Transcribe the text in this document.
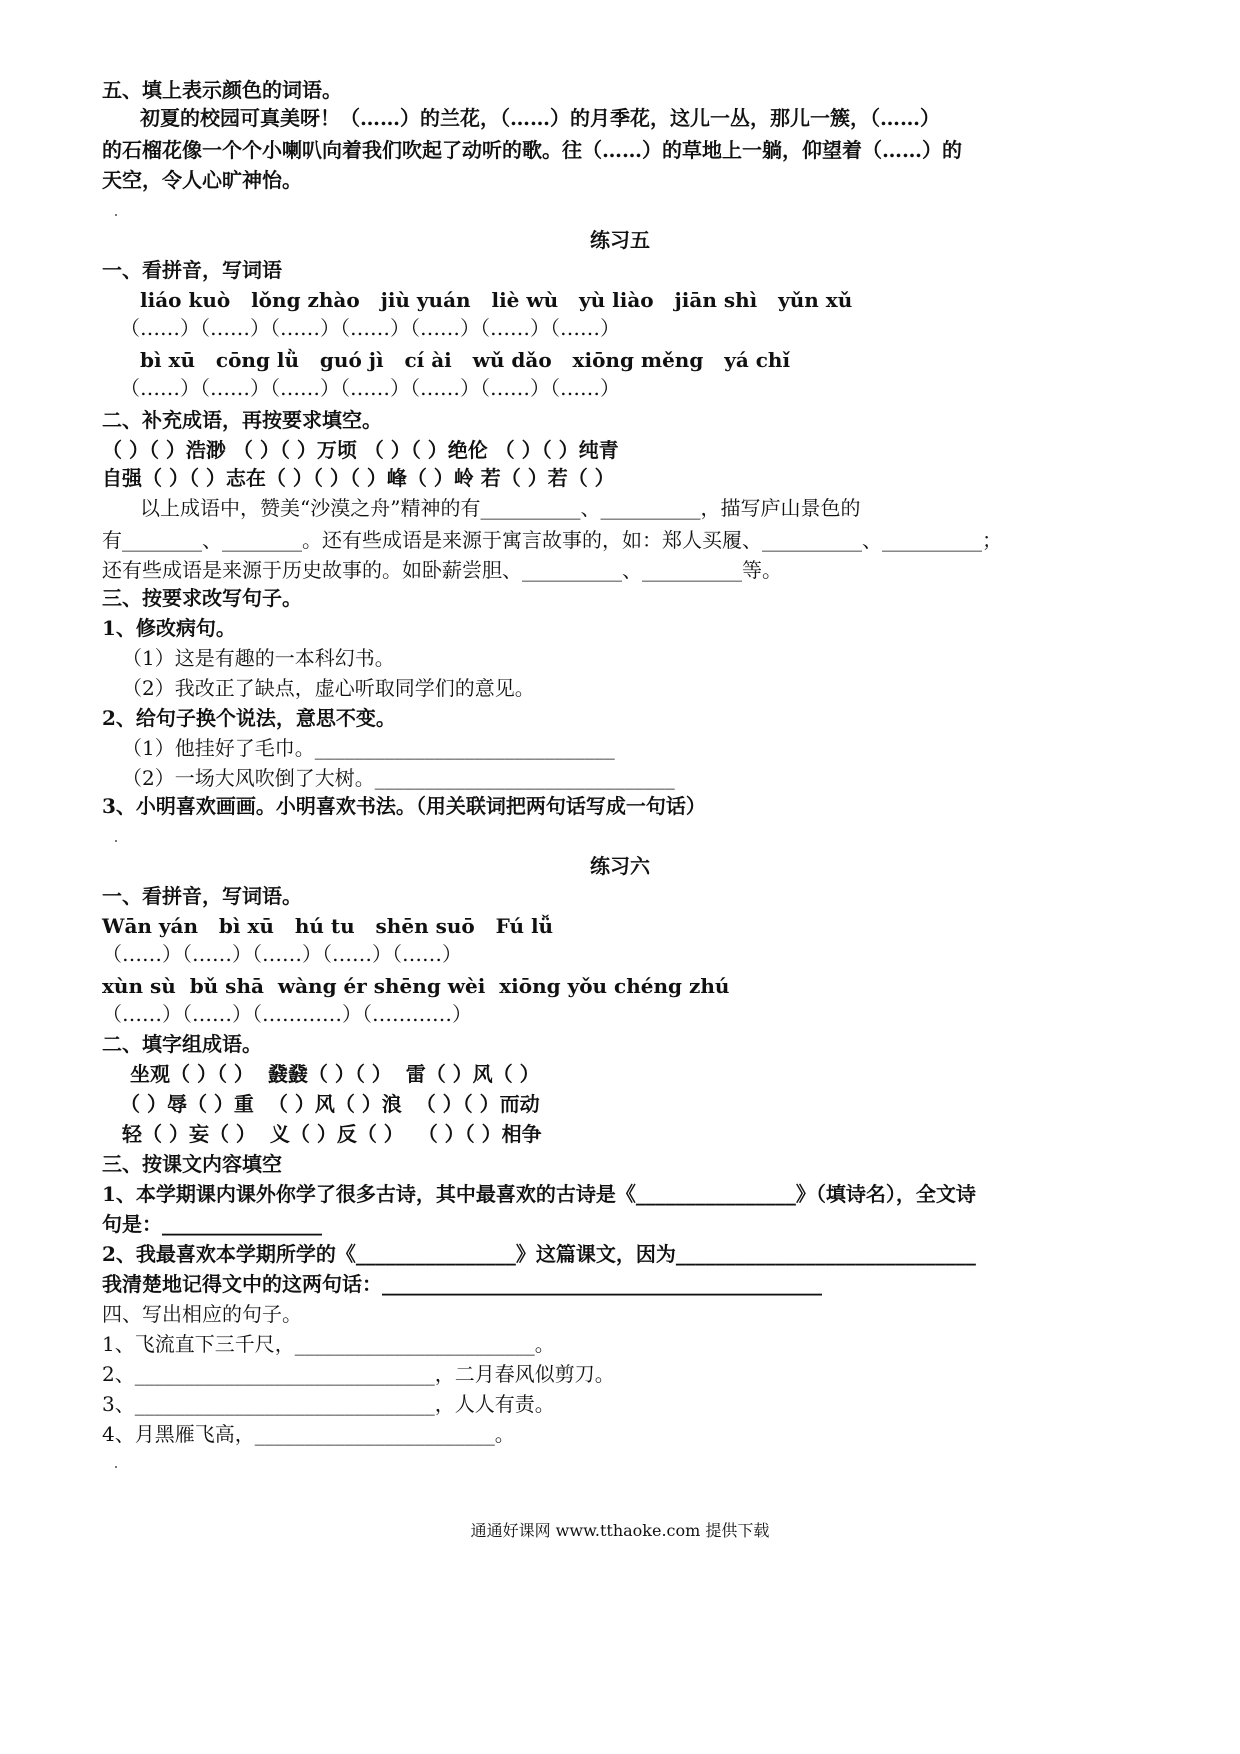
五、填上表示颜色的词语。
初夏的校园可真美呀！（……）的兰花，（……）的月季花，这儿一丛，那儿一簇，（……）
的石榴花像一个个小喇叭向着我们吹起了动听的歌。往（……）的草地上一躺，仰望着（……）的
天空，令人心旷神怡。
练习五
一、看拼音，写词语
liáo kuò   lǒng zhào   jiù yuán   liè wù   yù liào   jiān shì   yǔn xǔ
（……）（……）（……）（……）（……）（……）（……）
bì xū   cōng lǜ   guó jì   cí ài   wǔ dǎo   xiōng měng   yá chǐ
（……）（……）（……）（……）（……）（……）（……）
二、补充成语，再按要求填空。
（ ）（ ）浩渺 （ ）（ ）万顷 （ ）（ ）绝伦 （ ）（ ）纯青
自强（ ）（ ）志在（ ）（ ）（ ）峰（ ）岭 若（ ）若（ ）
以上成语中，赞美“沙漠之舟”精神的有__________、__________，描写庐山景色的
有________、________。还有些成语是来源于寓言故事的，如：郑人买履、__________、__________；
还有些成语是来源于历史故事的。如卧薪尝胆、__________、__________等。
三、按要求改写句子。
1、修改病句。
（1）这是有趣的一本科幻书。
（2）我改正了缺点，虚心听取同学们的意见。
2、给句子换个说法，意思不变。
（1）他挂好了毛巾。______________________________
（2）一场大风吹倒了大树。______________________________
3、小明喜欢画画。小明喜欢书法。（用关联词把两句话写成一句话）
练习六
一、看拼音，写词语。
Wān yán   bì xū   hú tu   shēn suō   Fú lǚ
（……）（……）（……）（……）（……）
xùn sù  bǔ shā  wàng ér shēng wèi  xiōng yǒu chéng zhú
（……）（……）（…………）（…………）
二、填字组成语。
坐观（ ）（ ）  鼗鼗（ ）（ ）  雷（ ）风（ ）
（ ）辱（ ）重  （ ）风（ ）浪  （ ）（ ）而动
轻（ ）妄（ ）  义（ ）反（ ）  （ ）（ ）相争
三、按课文内容填空
1、本学期课内课外你学了很多古诗，其中最喜欢的古诗是《________________》（填诗名），全文诗
句是：________________
2、我最喜欢本学期所学的《________________》这篇课文，因为______________________________
我清楚地记得文中的这两句话：____________________________________________
四、写出相应的句子。
1、飞流直下三千尺，________________________。
2、______________________________，二月春风似剪刀。
3、______________________________，人人有责。
4、月黑雁飞高，________________________。
通通好课网 www.tthaoke.com 提供下载
